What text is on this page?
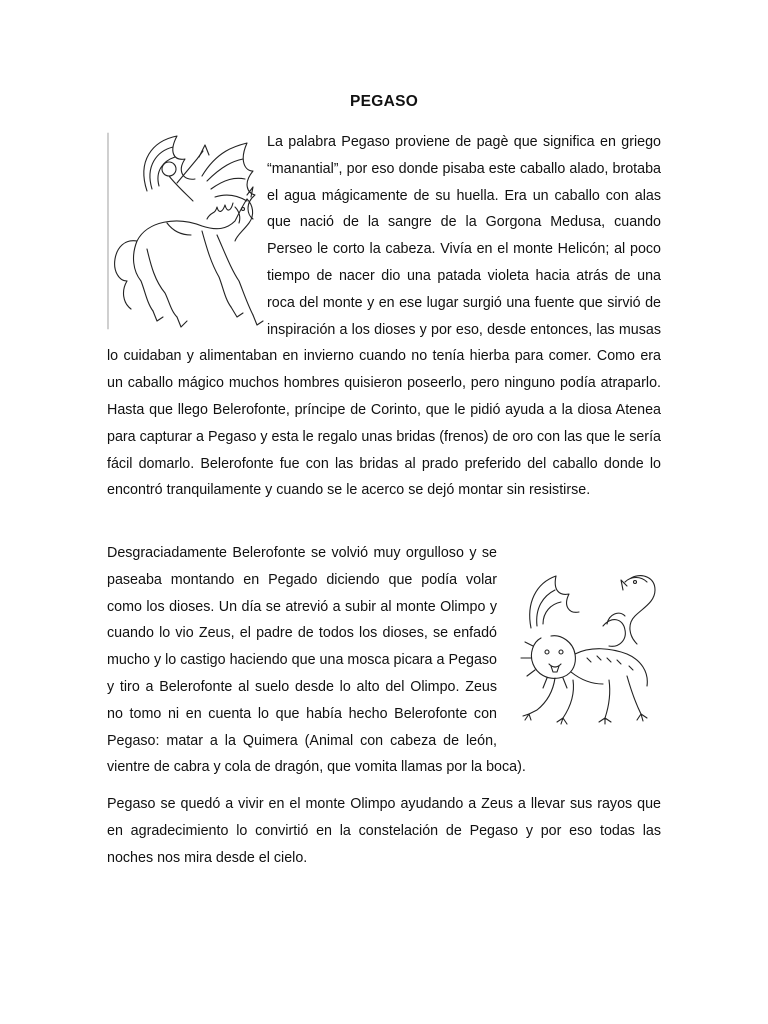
PEGASO
La palabra Pegaso proviene de pagè que significa en griego “manantial”, por eso donde pisaba este caballo alado, brotaba el agua mágicamente de su huella. Era un caballo con alas que nació de la sangre de la Gorgona Medusa, cuando Perseo le corto la cabeza. Vivía en el monte Helicón; al poco tiempo de nacer dio una patada violeta hacia atrás de una roca del monte y en ese lugar surgió una fuente que sirvió de inspiración a los dioses y por eso, desde entonces, las musas lo cuidaban y alimentaban en invierno cuando no tenía hierba para comer. Como era un caballo mágico muchos hombres quisieron poseerlo, pero ninguno podía atraparlo. Hasta que llego Belerofonte, príncipe de Corinto, que le pidió ayuda a la diosa Atenea para capturar a Pegaso y esta le regalo unas bridas (frenos) de oro con las que le sería fácil domarlo. Belerofonte fue con las bridas al prado preferido del caballo donde lo encontró tranquilamente y cuando se le acerco se dejó montar sin resistirse.
Desgraciadamente Belerofonte se volvió muy orgulloso y se paseaba montando en Pegado diciendo que podía volar como los dioses. Un día se atrevió a subir al monte Olimpo y cuando lo vio Zeus, el padre de todos los dioses, se enfadó mucho y lo castigo haciendo que una mosca picara a Pegaso y tiro a Belerofonte al suelo desde lo alto del Olimpo. Zeus no tomo ni en cuenta lo que había hecho Belerofonte con Pegaso: matar a la Quimera (Animal con cabeza de león, vientre de cabra y cola de dragón, que vomita llamas por la boca).
Pegaso se quedó a vivir en el monte Olimpo ayudando a Zeus a llevar sus rayos que en agradecimiento lo convirtió en la constelación de Pegaso y por eso todas las noches nos mira desde el cielo.
